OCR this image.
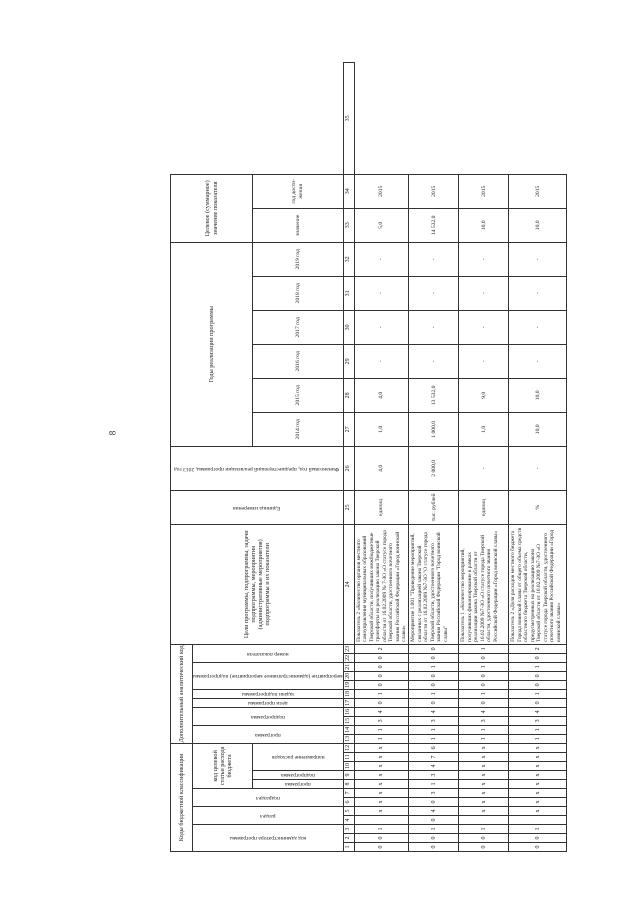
8
Коды бюджетной классификации												Дополнительный аналитический код											Цели программы, подпрограммы, задачи подпрограммы, мероприятия (административные мероприятия) подпрограммы и их показатели	Единица измерения	Финансовый год, предшествующий реализации программы, 2013 год	Годы реализации программы						Целевое (суммарное) значение показателя		

код администратора программы			раздел		подраздел		код целевой статьи расхода бюджета					программа		подпрограмма		цели программы	задачи подпрограммы	мероприятие (административное мероприятие) подпрограммы			номер показателя													

							программа	подпрограмма	направление расходов																	2014 год	2015 год	2016 год	2017 год	2018 год	2019 год	значение	год дости-жения	
1	2	3	4	5	6	7	8	9	10	11	12	13	14	15	16	17	18	19	20	21	22	23	24	25	26	27	28	29	30	31	32	33	34	35
0	0	1		х	х	х	х	х	х	х	х	1	1	3	4	0	1	0	0	0	0	2	Показатель 2 «Количество органов местного самоуправления муниципальных образований Тверской области, получивших межбюджетные трансферты на реализацию закона Тверской области от 16.02.2009 № 7-ЗО «О статусе города Тверской области, удостоенного почетного звания Российской Федерации «Город воинской славы»	единиц	4,0	1,0	4,0	-	-	-	-	5,0	2015	
0	0	1	0	4	0	3	1	3	4	7	6	1	1	3	4	0	1	0	0	1	0	0	Мероприятие 1.001 "Проведение мероприятий, связанных с реализацией закона Тверской области от 16.02.2009 №7-ЗО "О статусе города Тверской области, удостоенного почетного звания Российской Федерации "Город воинской славы"	тыс. рублей	2 000,0	1 000,0	13 532,0	-	-	-	-	14 532,0	2015	
0	0	1		х	х	х	х	х	х	х	х	1	1	3	4	0	1	0	0	1	0	1	Показатель 1 «Количество мероприятий, получивших финансирование в рамках реализации закона Тверской области от 16.02.2009 №7-ЗО «О статусе города Тверской области, удостоенного почетного звания Российской Федерации «Город воинской славы»	единиц	-	1,0	9,0	-	-	-	-	10,0	2015	
0	0	1		х	х	х	х	х	х	х	х	1	1	3	4	0	1	0	0	1	0	2	Показатель 2 «Доля расходов местного бюджета Города воинской славы от общего объема средств областного бюджета Тверской области, предусмотренных на реализацию закона Тверской области от 16.02.2009 №7-ЗО «О статусе города Тверской области, удостоенного почетного звания Российской Федерации «Город воинской славы»	%	-	10,0	10,0	-	-	-	-	10,0	2015	
